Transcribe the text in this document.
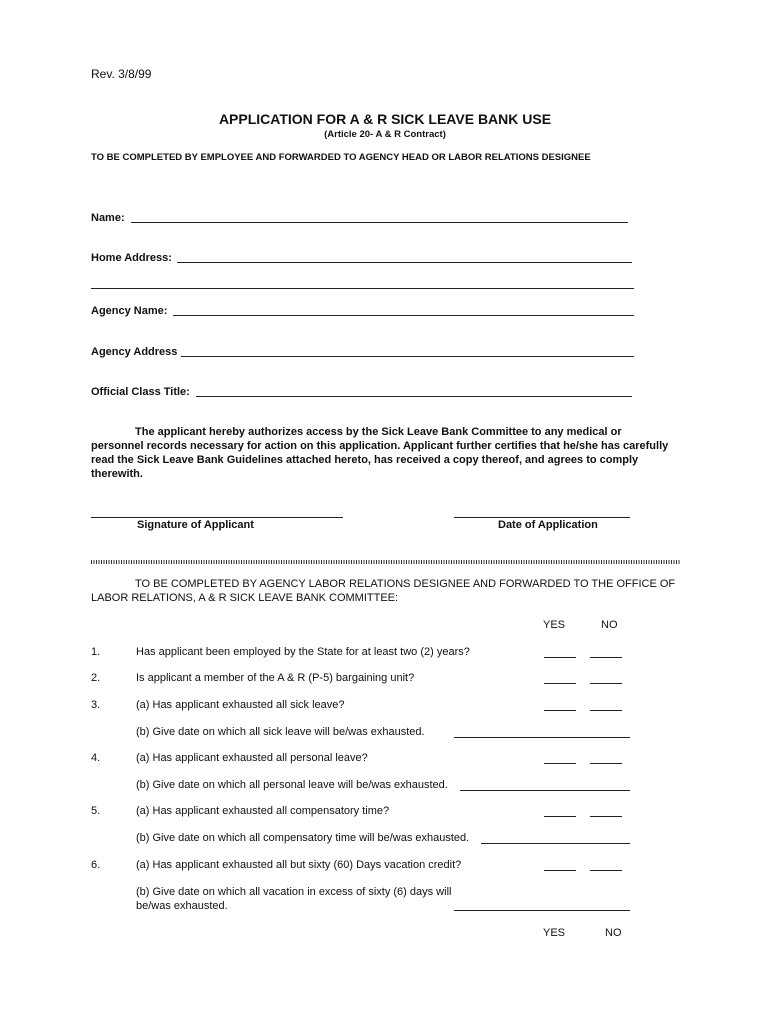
Rev. 3/8/99
APPLICATION FOR A & R SICK LEAVE BANK USE
(Article 20- A & R Contract)
TO BE COMPLETED BY EMPLOYEE AND FORWARDED TO AGENCY HEAD OR LABOR RELATIONS DESIGNEE
Name:
Home Address:
Agency Name:
Agency Address
Official Class Title:
The applicant hereby authorizes access by the Sick Leave Bank Committee to any medical or personnel records necessary for action on this application. Applicant further certifies that he/she has carefully read the Sick Leave Bank Guidelines attached hereto, has received a copy thereof, and agrees to comply therewith.
Signature of Applicant	Date of Application
TO BE COMPLETED BY AGENCY LABOR RELATIONS DESIGNEE AND FORWARDED TO THE OFFICE OF LABOR RELATIONS, A & R SICK LEAVE BANK COMMITTEE:
YES	NO
1.	Has applicant been employed by the State for at least two (2) years?
2.	Is applicant a member of the A & R (P-5) bargaining unit?
3.	(a) Has applicant exhausted all sick leave?
(b) Give date on which all sick leave will be/was exhausted.
4.	(a) Has applicant exhausted all personal leave?
(b) Give date on which all personal leave will be/was exhausted.
5.	(a) Has applicant exhausted all compensatory time?
(b) Give date on which all compensatory time will be/was exhausted.
6.	(a) Has applicant exhausted all but sixty (60) Days vacation credit?
(b) Give date on which all vacation in excess of sixty (6) days will be/was exhausted.
YES	NO
